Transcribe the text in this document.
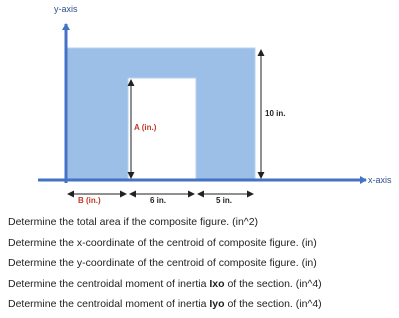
y-axis
x-axis
A (in.)
10 in.
B (in.)	6 in.	5 in.
Determine the total area if the composite figure. (in^2)
Determine the x-coordinate of the centroid of composite figure. (in)
Determine the y-coordinate of the centroid of composite figure. (in)
Determine the centroidal moment of inertia Ixo of the section. (in^4)
Determine the centroidal moment of inertia Iyo of the section. (in^4)
